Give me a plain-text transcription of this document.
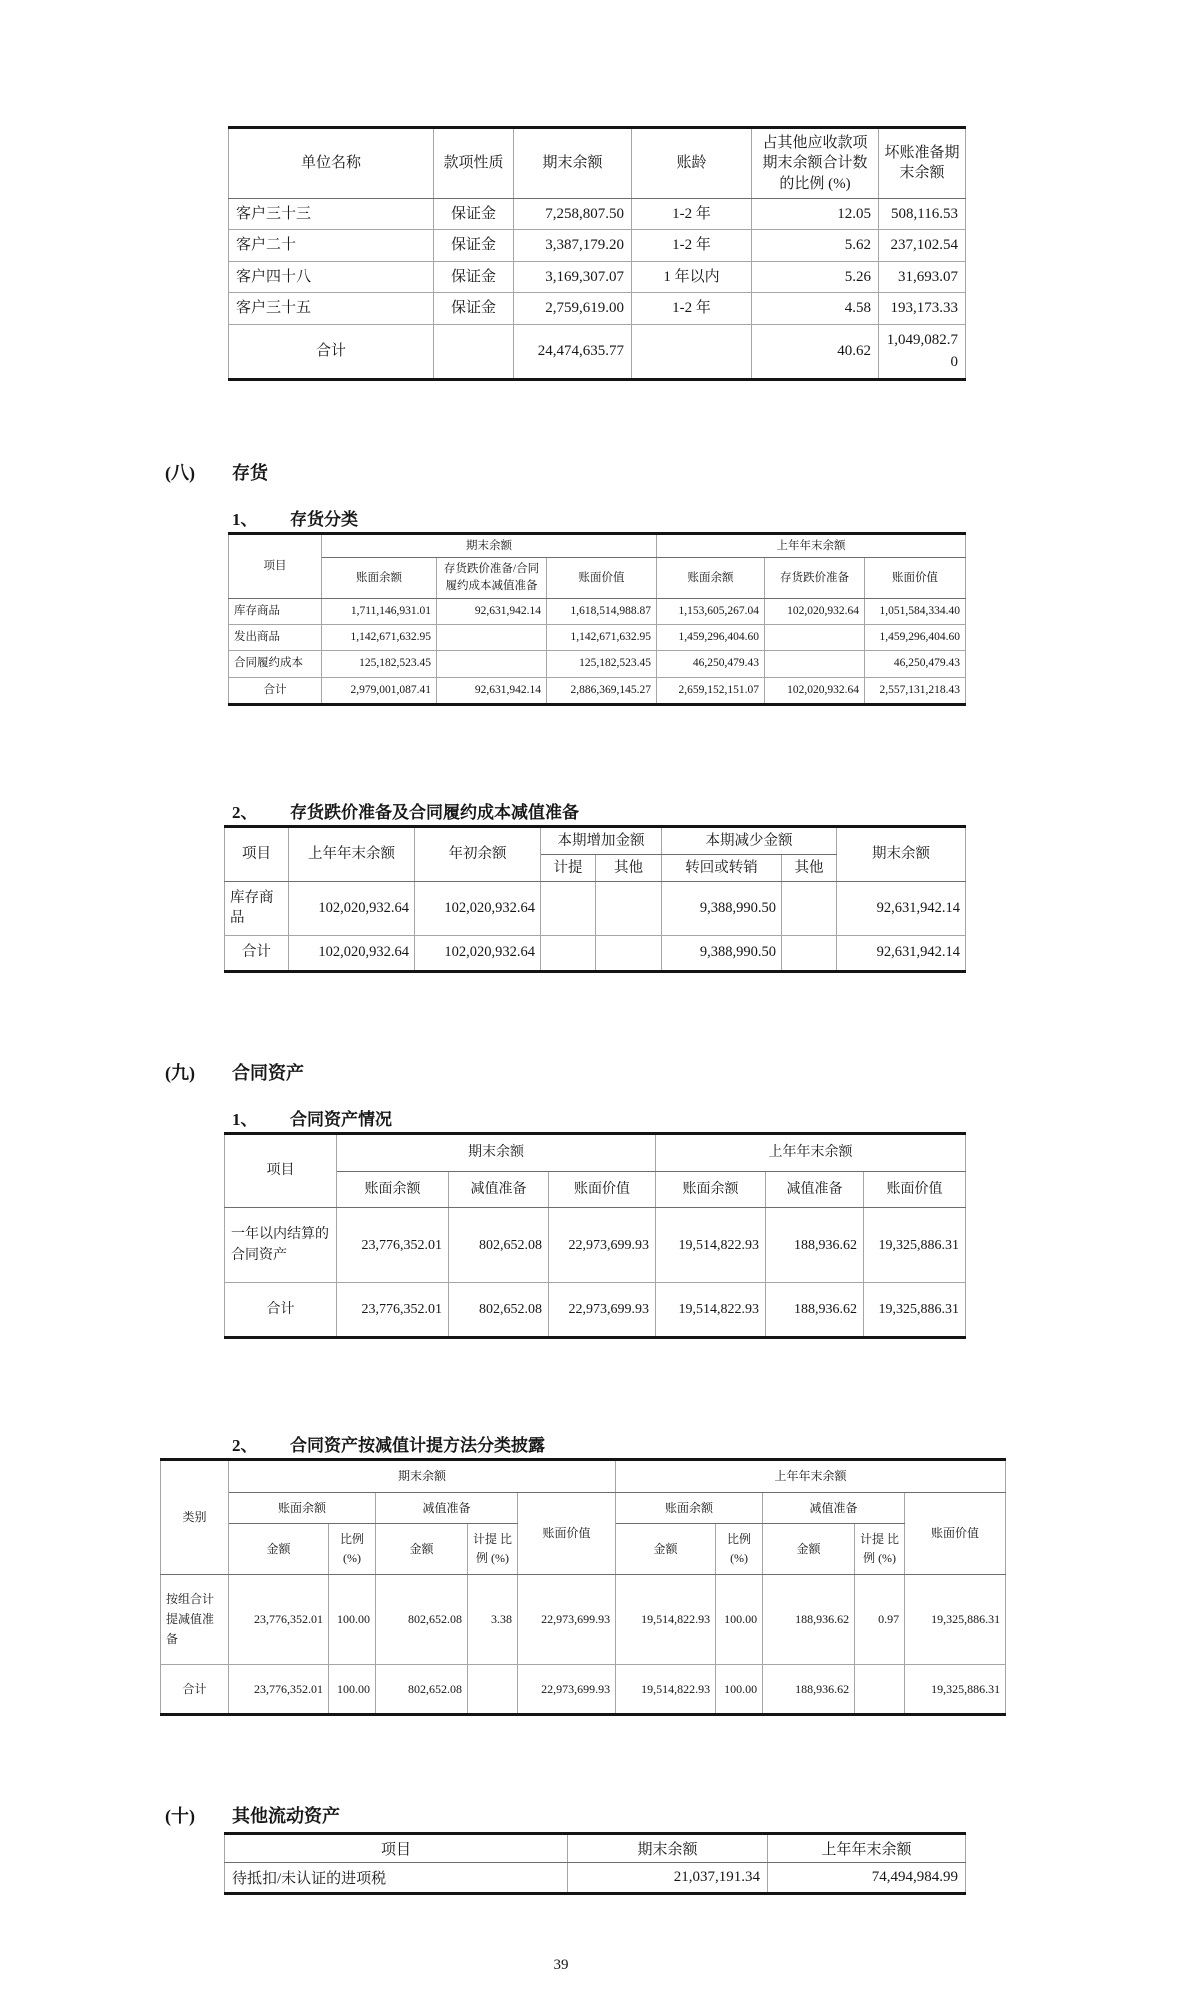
单位名称	款项性质	期末余额	账龄	占其他应收款项期末余额合计数的比例 (%)	坏账准备期末余额
客户三十三	保证金	7,258,807.50	1-2 年	12.05	508,116.53
客户二十	保证金	3,387,179.20	1-2 年	5.62	237,102.54
客户四十八	保证金	3,169,307.07	1 年以内	5.26	31,693.07
客户三十五	保证金	2,759,619.00	1-2 年	4.58	193,173.33
合计		24,474,635.77		40.62	1,049,082.70
(八)	存货
1、	存货分类
项目	期末余额			上年年末余额		
	账面余额	存货跌价准备/合同履约成本减值准备	账面价值	账面余额	存货跌价准备	账面价值
库存商品	1,711,146,931.01	92,631,942.14	1,618,514,988.87	1,153,605,267.04	102,020,932.64	1,051,584,334.40
发出商品	1,142,671,632.95		1,142,671,632.95	1,459,296,404.60		1,459,296,404.60
合同履约成本	125,182,523.45		125,182,523.45	46,250,479.43		46,250,479.43
合计	2,979,001,087.41	92,631,942.14	2,886,369,145.27	2,659,152,151.07	102,020,932.64	2,557,131,218.43
2、	存货跌价准备及合同履约成本减值准备
项目	上年年末余额	年初余额	本期增加金额		本期减少金额		期末余额
			计提	其他	转回或转销	其他	
库存商品	102,020,932.64	102,020,932.64			9,388,990.50		92,631,942.14
合计	102,020,932.64	102,020,932.64			9,388,990.50		92,631,942.14
(九)	合同资产
1、	合同资产情况
项目	期末余额			上年年末余额		
	账面余额	减值准备	账面价值	账面余额	减值准备	账面价值
一年以内结算的合同资产	23,776,352.01	802,652.08	22,973,699.93	19,514,822.93	188,936.62	19,325,886.31
合计	23,776,352.01	802,652.08	22,973,699.93	19,514,822.93	188,936.62	19,325,886.31
2、	合同资产按减值计提方法分类披露
类别	期末余额					上年年末余额				
	账面余额		减值准备		账面价值	账面余额		减值准备		账面价值
	金额	比例 (%)	金额	计提 比例 (%)		金额	比例 (%)	金额	计提 比例 (%)	
按组合计提减值准备	23,776,352.01	100.00	802,652.08	3.38	22,973,699.93	19,514,822.93	100.00	188,936.62	0.97	19,325,886.31
合计	23,776,352.01	100.00	802,652.08		22,973,699.93	19,514,822.93	100.00	188,936.62		19,325,886.31
(十)	其他流动资产
项目	期末余额	上年年末余额
待抵扣/未认证的进项税	21,037,191.34	74,494,984.99
39
